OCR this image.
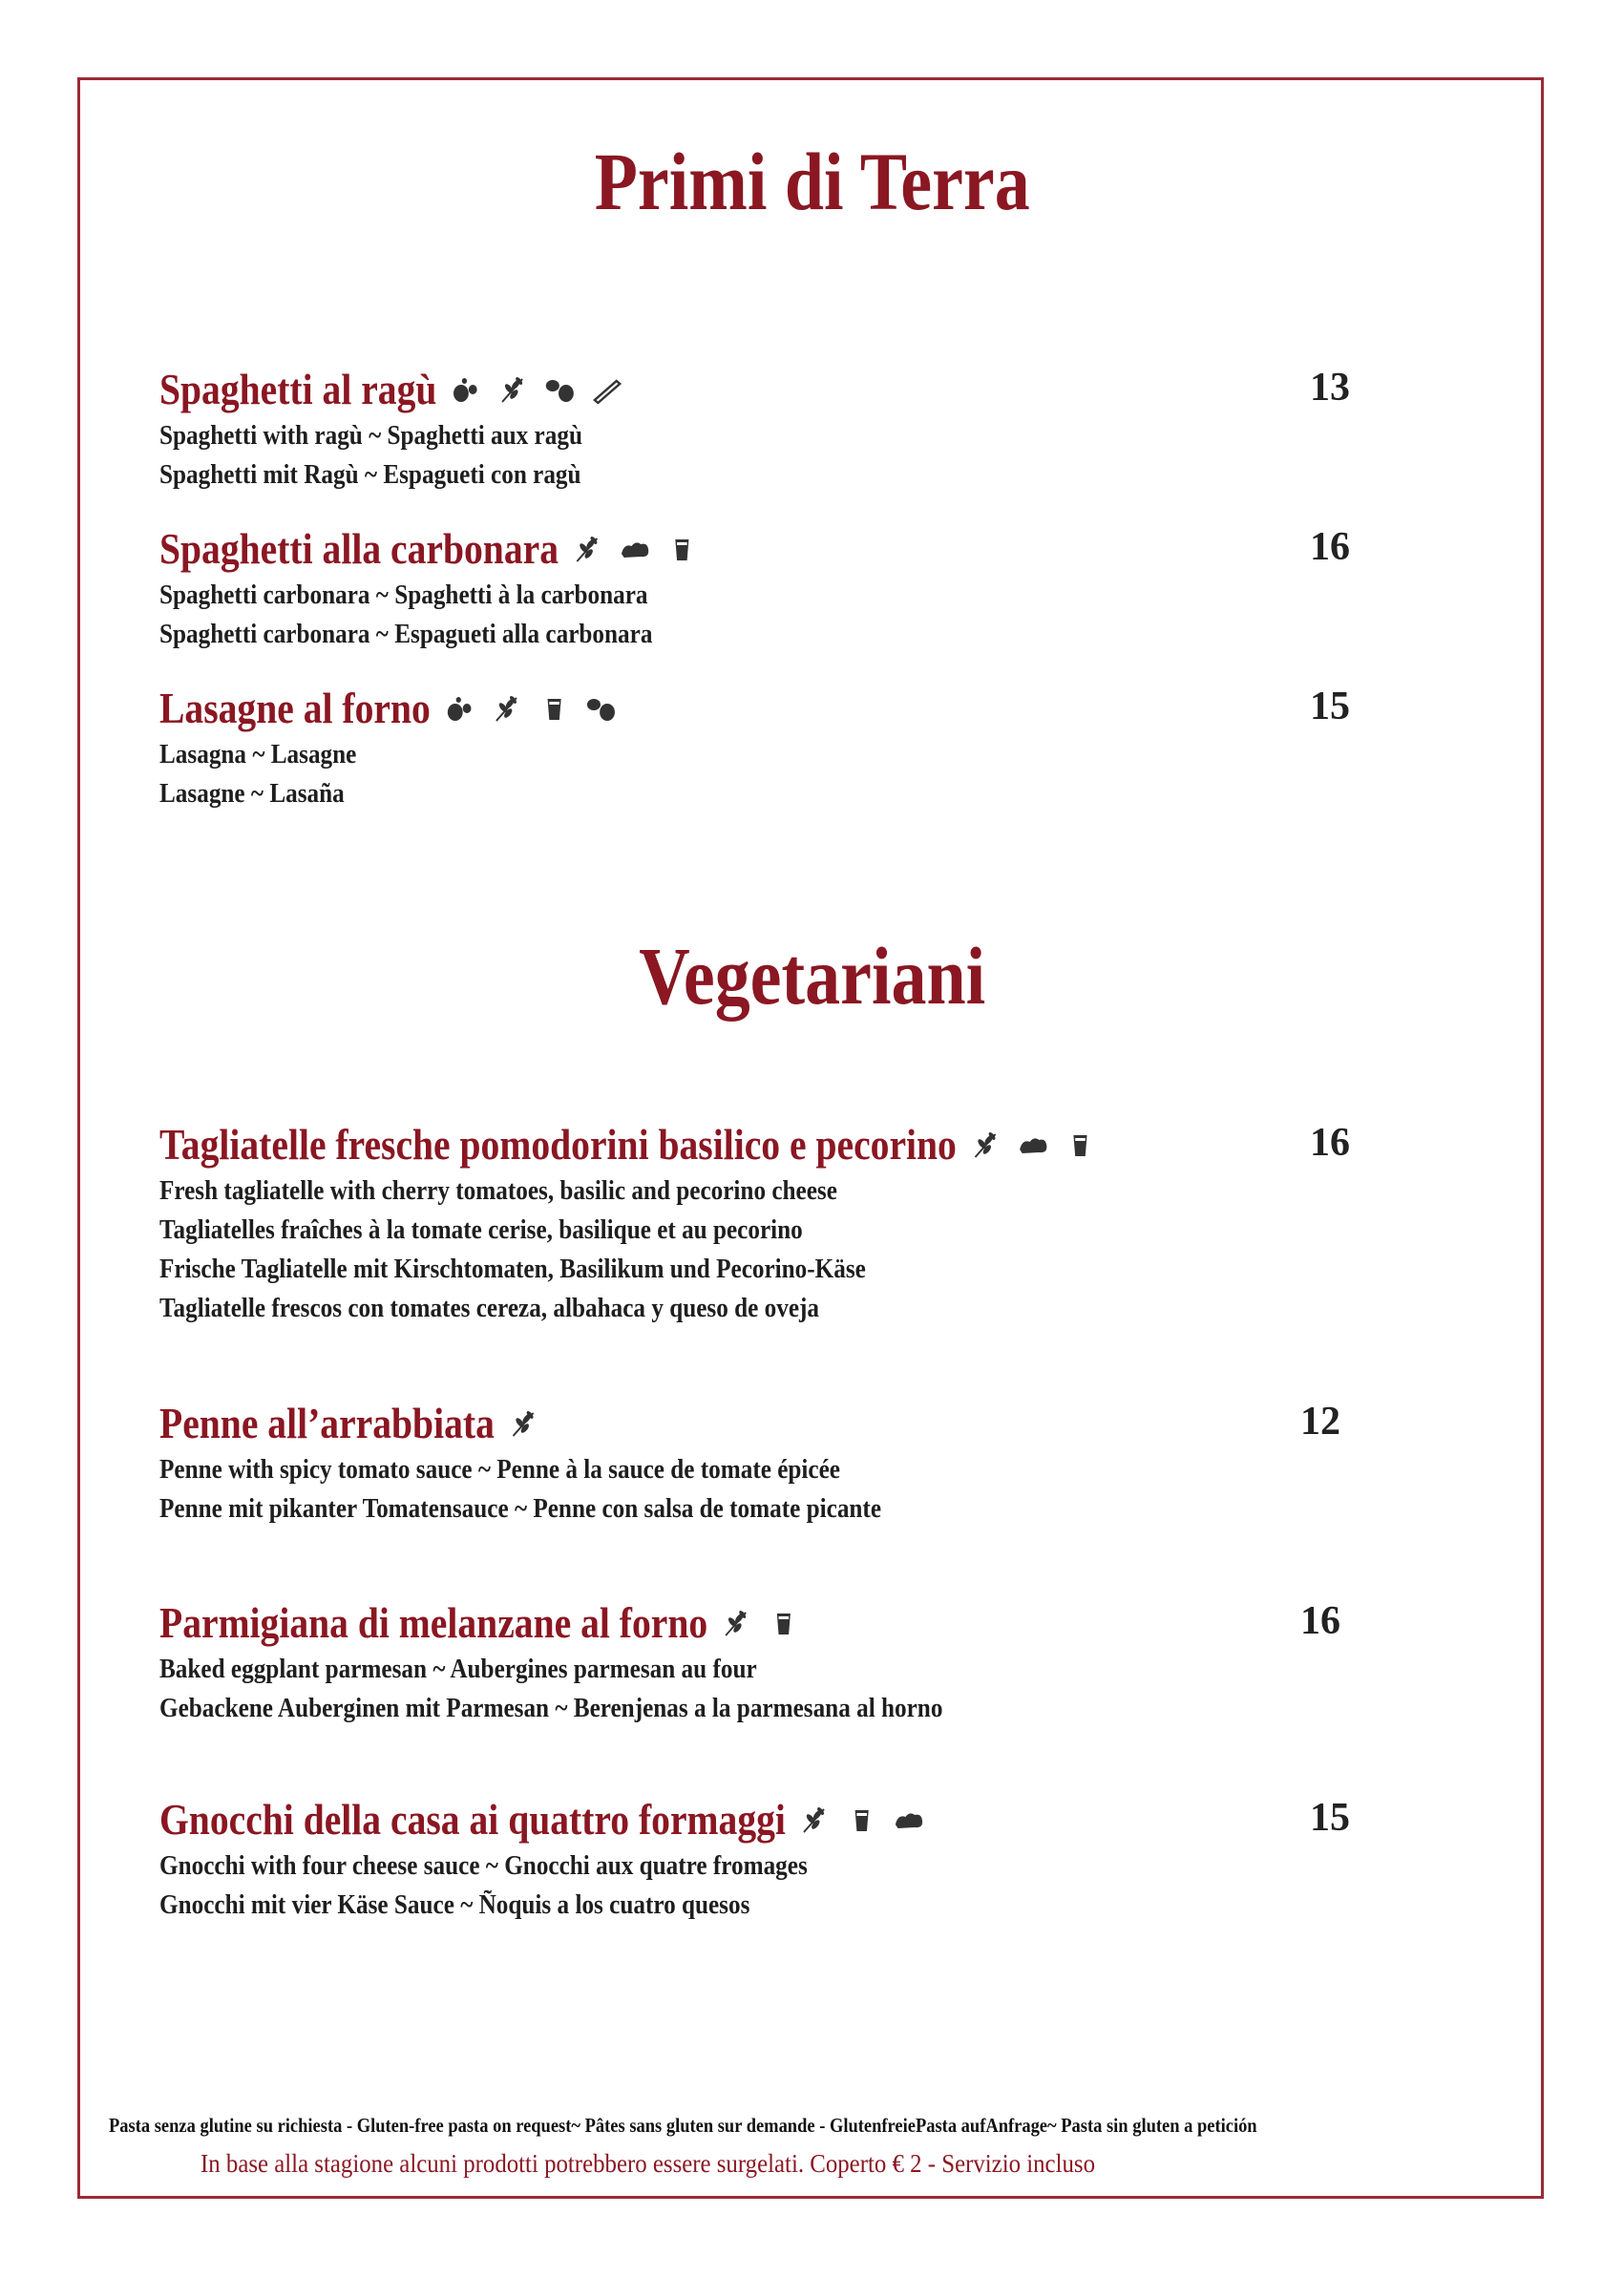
Primi di Terra
Vegetariani
Spaghetti al ragù
Spaghetti with ragù ~ Spaghetti aux ragù
Spaghetti mit Ragù ~ Espagueti con ragù
13
Spaghetti alla carbonara
Spaghetti carbonara ~ Spaghetti à la carbonara
Spaghetti carbonara ~ Espagueti alla carbonara
16
Lasagne al forno
Lasagna ~ Lasagne
Lasagne ~ Lasaña
15
Tagliatelle fresche pomodorini basilico e pecorino
Fresh tagliatelle with cherry tomatoes, basilic and pecorino cheese
Tagliatelles fraîches à la tomate cerise, basilique et au pecorino
Frische Tagliatelle mit Kirschtomaten, Basilikum und Pecorino-Käse
Tagliatelle frescos con tomates cereza, albahaca y queso de oveja
16
Penne all’arrabbiata
Penne with spicy tomato sauce ~ Penne à la sauce de tomate épicée
Penne mit pikanter Tomatensauce ~ Penne con salsa de tomate picante
12
Parmigiana di melanzane al forno
Baked eggplant parmesan ~ Aubergines parmesan au four
Gebackene Auberginen mit Parmesan ~ Berenjenas a la parmesana al horno
16
Gnocchi della casa ai quattro formaggi
Gnocchi with four cheese sauce ~ Gnocchi aux quatre fromages
Gnocchi mit vier Käse Sauce ~ Ñoquis a los cuatro quesos
15
Pasta senza glutine su richiesta - Gluten-free pasta on request~ Pâtes sans gluten sur demande - GlutenfreiePasta aufAnfrage~ Pasta sin gluten a petición
In base alla stagione alcuni prodotti potrebbero essere surgelati. Coperto € 2 - Servizio incluso
